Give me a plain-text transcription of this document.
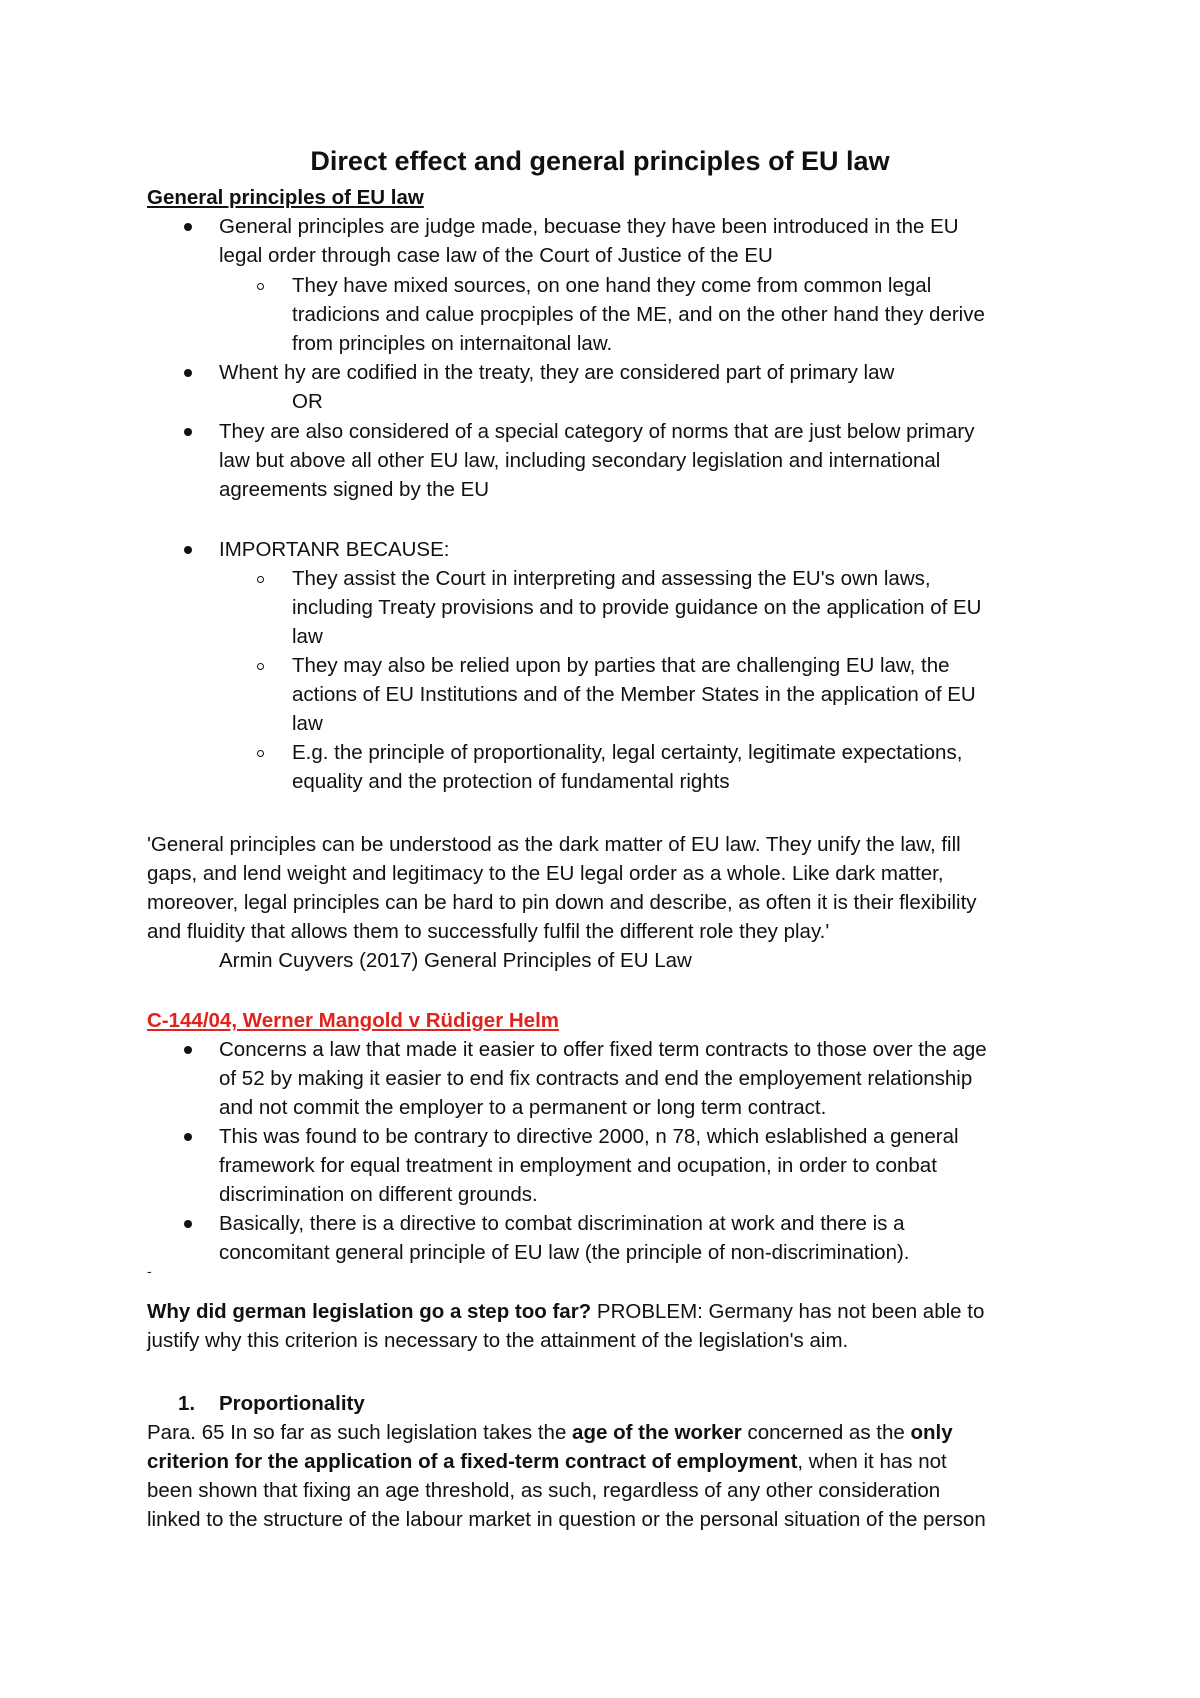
Direct effect and general principles of EU law
General principles of EU law
General principles are judge made, becuase they have been introduced in the EU
legal order through case law of the Court of Justice of the EU
They have mixed sources, on one hand they come from common legal
tradicions and calue procpiples of the ME, and on the other hand they derive
from principles on internaitonal law.
Whent hy are codified in the treaty, they are considered part of primary law
OR
They are also considered of a special category of norms that are just below primary
law but above all other EU law, including secondary legislation and international
agreements signed by the EU
IMPORTANR BECAUSE:
They assist the Court in interpreting and assessing the EU's own laws,
including Treaty provisions and to provide guidance on the application of EU
law
They may also be relied upon by parties that are challenging EU law, the
actions of EU Institutions and of the Member States in the application of EU
law
E.g. the principle of proportionality, legal certainty, legitimate expectations,
equality and the protection of fundamental rights
'General principles can be understood as the dark matter of EU law. They unify the law, fill
gaps, and lend weight and legitimacy to the EU legal order as a whole. Like dark matter,
moreover, legal principles can be hard to pin down and describe, as often it is their flexibility
and fluidity that allows them to successfully fulfil the different role they play.'
Armin Cuyvers (2017) General Principles of EU Law
C-144/04, Werner Mangold v Rüdiger Helm
Concerns a law that made it easier to offer fixed term contracts to those over the age
of 52 by making it easier to end fix contracts and end the employement relationship
and not commit the employer to a permanent or long term contract.
This was found to be contrary to directive 2000, n 78, which eslablished a general
framework for equal treatment in employment and ocupation, in order to conbat
discrimination on different grounds.
Basically, there is a directive to combat discrimination at work and there is a
concomitant general principle of EU law (the principle of non-discrimination).
-
Why did german legislation go a step too far? PROBLEM: Germany has not been able to
justify why this criterion is necessary to the attainment of the legislation's aim.
1. Proportionality
Para. 65 In so far as such legislation takes the age of the worker concerned as the only
criterion for the application of a fixed-term contract of employment, when it has not
been shown that fixing an age threshold, as such, regardless of any other consideration
linked to the structure of the labour market in question or the personal situation of the person
